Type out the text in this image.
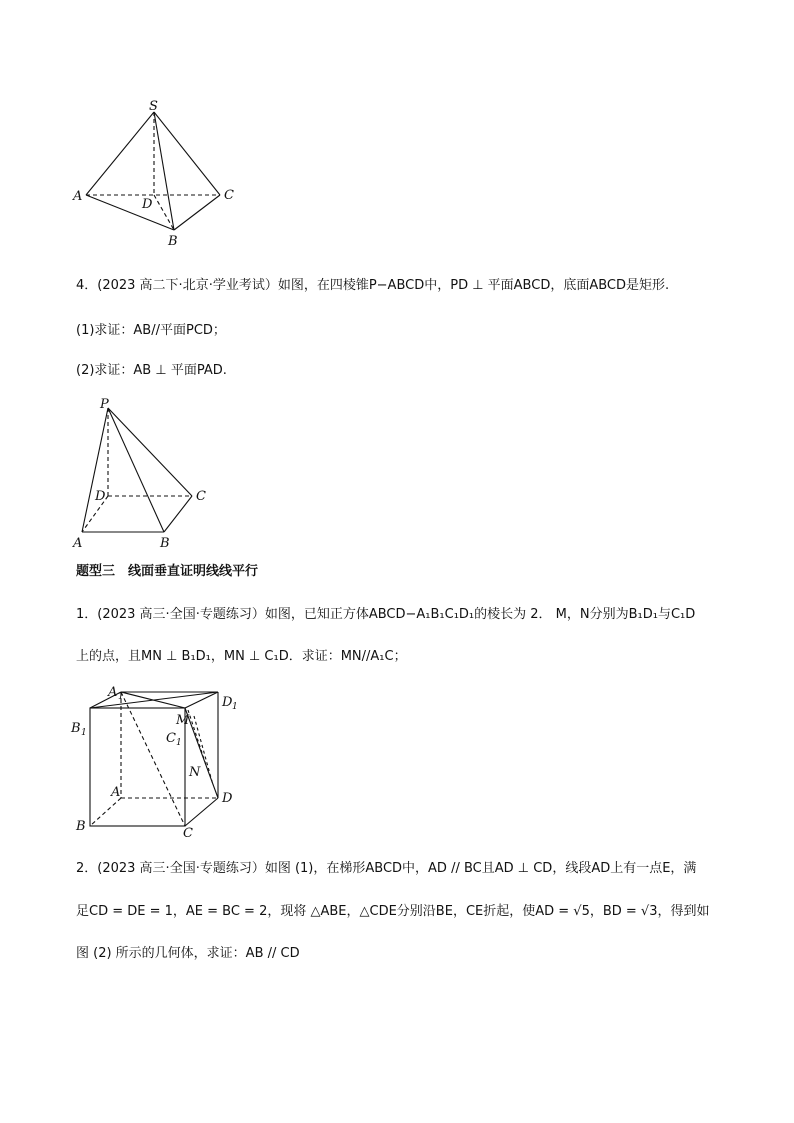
S
A	C
D
B
4．(2023 高二下·北京·学业考试）如图，在四棱锥P−ABCD中，PD ⊥ 平面ABCD，底面ABCD是矩形.
(1)求证：AB//平面PCD；
(2)求证：AB ⊥ 平面PAD.
P
D	C
A	B
题型三　线面垂直证明线线平行
1．(2023 高三·全国·专题练习）如图，已知正方体ABCD−A₁B₁C₁D₁的棱长为 2． M，N分别为B₁D₁与C₁D
上的点，且MN ⊥ B₁D₁，MN ⊥ C₁D．求证：MN//A₁C；
A 1	D 1
B 1
M
C 1
N
A	D
B	C
2．(2023 高三·全国·专题练习）如图 (1)，在梯形ABCD中，AD // BC且AD ⊥ CD，线段AD上有一点E，满
足CD = DE = 1，AE = BC = 2，现将 △ABE，△CDE分别沿BE，CE折起，使AD = √5，BD = √3，得到如
图 (2) 所示的几何体，求证：AB // CD
